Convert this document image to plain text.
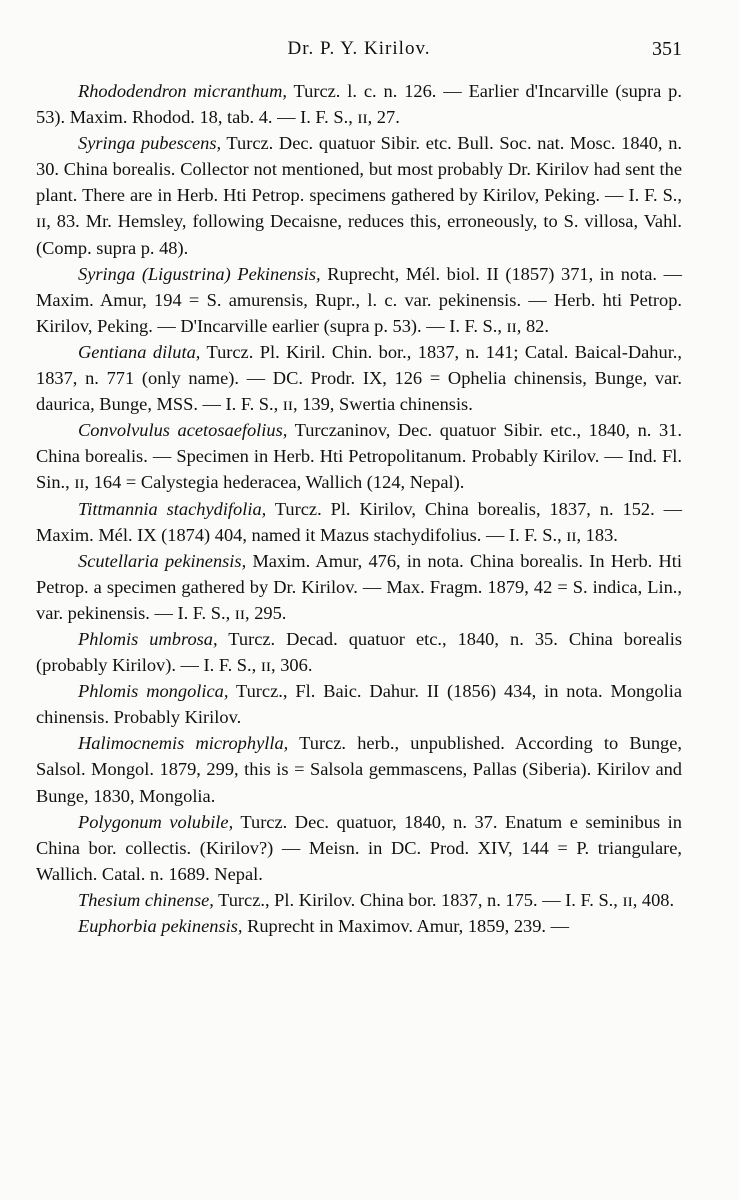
Dr. P. Y. Kirilov.	351

Rhododendron micranthum, Turcz. l. c. n. 126. — Earlier d'Incarville (supra p. 53). Maxim. Rhodod. 18, tab. 4. — I. F. S., ɪɪ, 27.

Syringa pubescens, Turcz. Dec. quatuor Sibir. etc. Bull. Soc. nat. Mosc. 1840, n. 30. China borealis. Collector not mentioned, but most probably Dr. Kirilov had sent the plant. There are in Herb. Hti Petrop. specimens gathered by Kirilov, Peking. — I. F. S., ɪɪ, 83. Mr. Hemsley, following Decaisne, reduces this, erroneously, to S. villosa, Vahl. (Comp. supra p. 48).

Syringa (Ligustrina) Pekinensis, Ruprecht, Mél. biol. II (1857) 371, in nota. — Maxim. Amur, 194 = S. amurensis, Rupr., l. c. var. pekinensis. — Herb. hti Petrop. Kirilov, Peking. — D'Incarville earlier (supra p. 53). — I. F. S., ɪɪ, 82.

Gentiana diluta, Turcz. Pl. Kiril. Chin. bor., 1837, n. 141; Catal. Baical-Dahur., 1837, n. 771 (only name). — DC. Prodr. IX, 126 = Ophelia chinensis, Bunge, var. daurica, Bunge, MSS. — I. F. S., ɪɪ, 139, Swertia chinensis.

Convolvulus acetosaefolius, Turczaninov, Dec. quatuor Sibir. etc., 1840, n. 31. China borealis. — Specimen in Herb. Hti Petropolitanum. Probably Kirilov. — Ind. Fl. Sin., ɪɪ, 164 = Calystegia hederacea, Wallich (124, Nepal).

Tittmannia stachydifolia, Turcz. Pl. Kirilov, China borealis, 1837, n. 152. — Maxim. Mél. IX (1874) 404, named it Mazus stachydifolius. — I. F. S., ɪɪ, 183.

Scutellaria pekinensis, Maxim. Amur, 476, in nota. China borealis. In Herb. Hti Petrop. a specimen gathered by Dr. Kirilov. — Max. Fragm. 1879, 42 = S. indica, Lin., var. pekinensis. — I. F. S., ɪɪ, 295.

Phlomis umbrosa, Turcz. Decad. quatuor etc., 1840, n. 35. China borealis (probably Kirilov). — I. F. S., ɪɪ, 306.

Phlomis mongolica, Turcz., Fl. Baic. Dahur. II (1856) 434, in nota. Mongolia chinensis. Probably Kirilov.

Halimocnemis microphylla, Turcz. herb., unpublished. According to Bunge, Salsol. Mongol. 1879, 299, this is = Salsola gemmascens, Pallas (Siberia). Kirilov and Bunge, 1830, Mongolia.

Polygonum volubile, Turcz. Dec. quatuor, 1840, n. 37. Enatum e seminibus in China bor. collectis. (Kirilov?) — Meisn. in DC. Prod. XIV, 144 = P. triangulare, Wallich. Catal. n. 1689. Nepal.

Thesium chinense, Turcz., Pl. Kirilov. China bor. 1837, n. 175. — I. F. S., ɪɪ, 408.

Euphorbia pekinensis, Ruprecht in Maximov. Amur, 1859, 239. —
